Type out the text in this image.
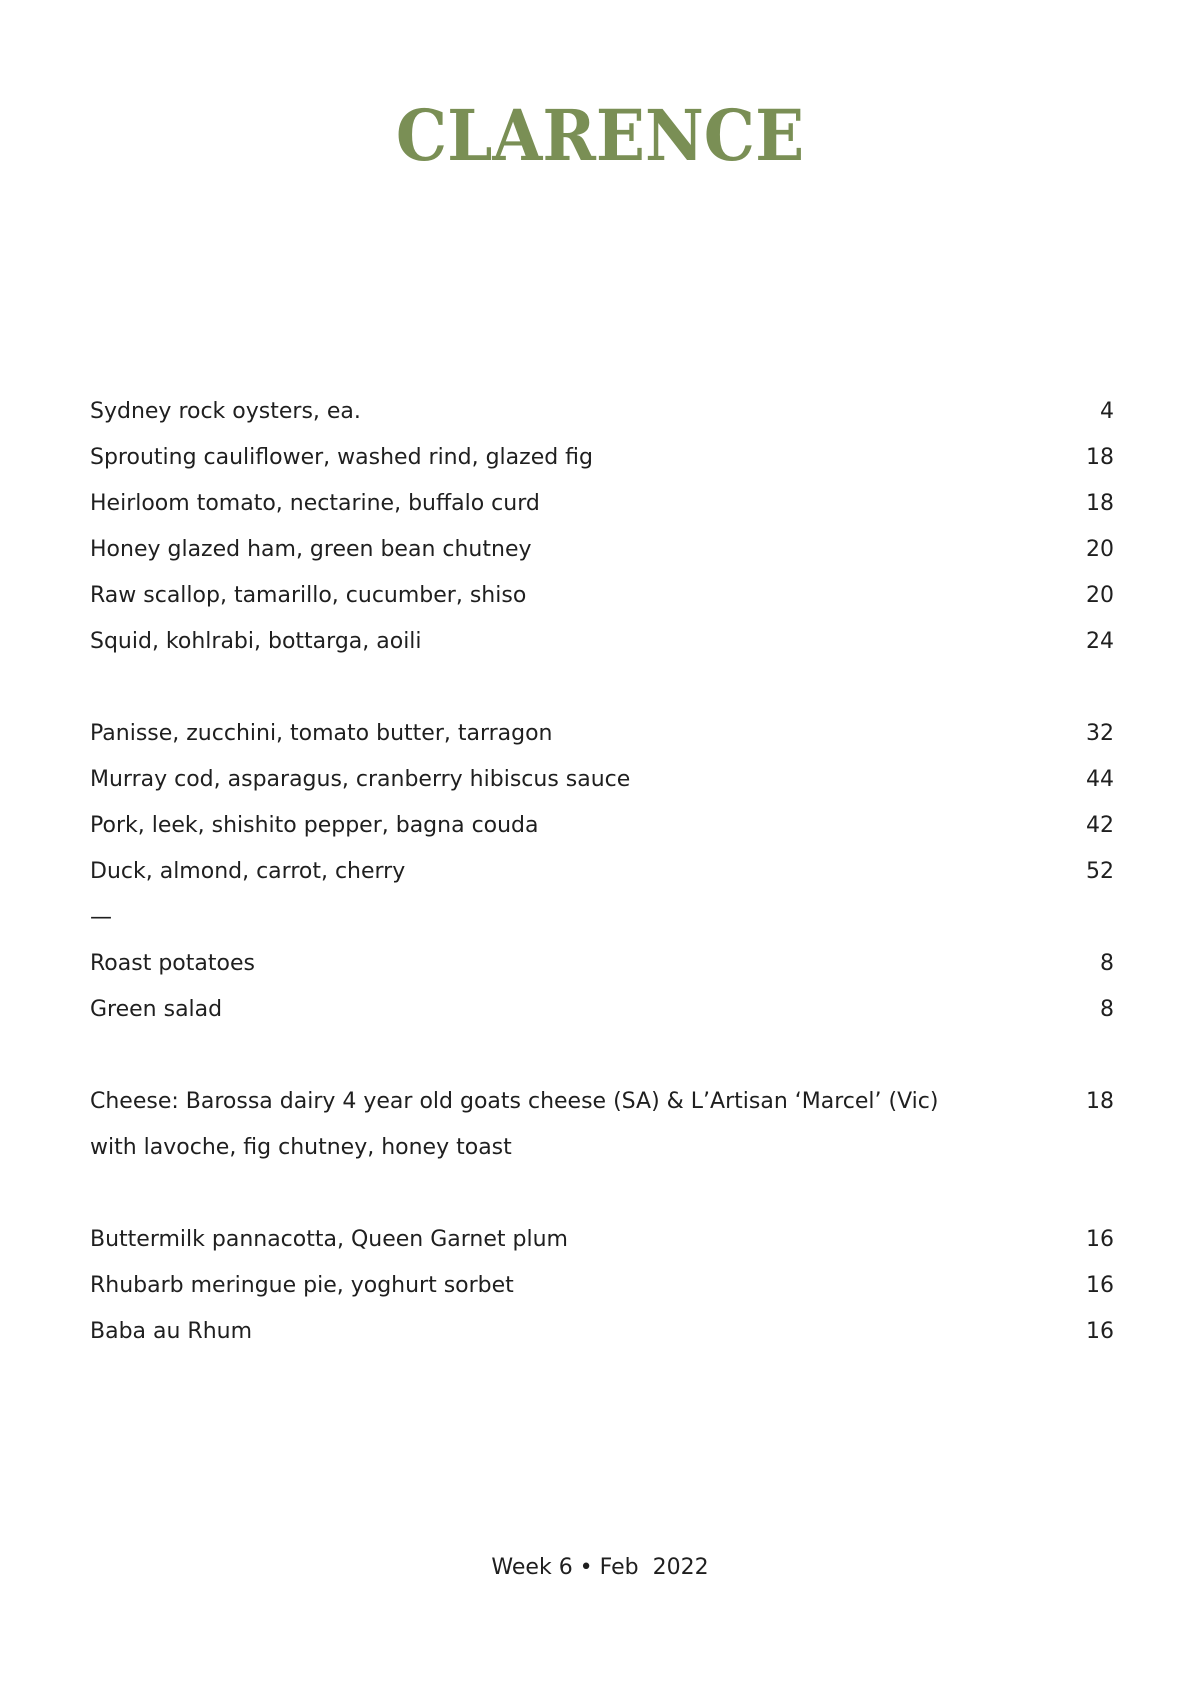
CLARENCE
Sydney rock oysters, ea.	4
Sprouting cauliflower, washed rind, glazed fig	18
Heirloom tomato, nectarine, buffalo curd	18
Honey glazed ham, green bean chutney	20
Raw scallop, tamarillo, cucumber, shiso	20
Squid, kohlrabi, bottarga, aoili	24
Panisse, zucchini, tomato butter, tarragon	32
Murray cod, asparagus, cranberry hibiscus sauce	44
Pork, leek, shishito pepper, bagna couda	42
Duck, almond, carrot, cherry	52
—
Roast potatoes	8
Green salad	8
Cheese: Barossa dairy 4 year old goats cheese (SA) & L’Artisan ‘Marcel’ (Vic)	18
with lavoche, fig chutney, honey toast
Buttermilk pannacotta, Queen Garnet plum	16
Rhubarb meringue pie, yoghurt sorbet	16
Baba au Rhum	16
Week 6 • Feb  2022
